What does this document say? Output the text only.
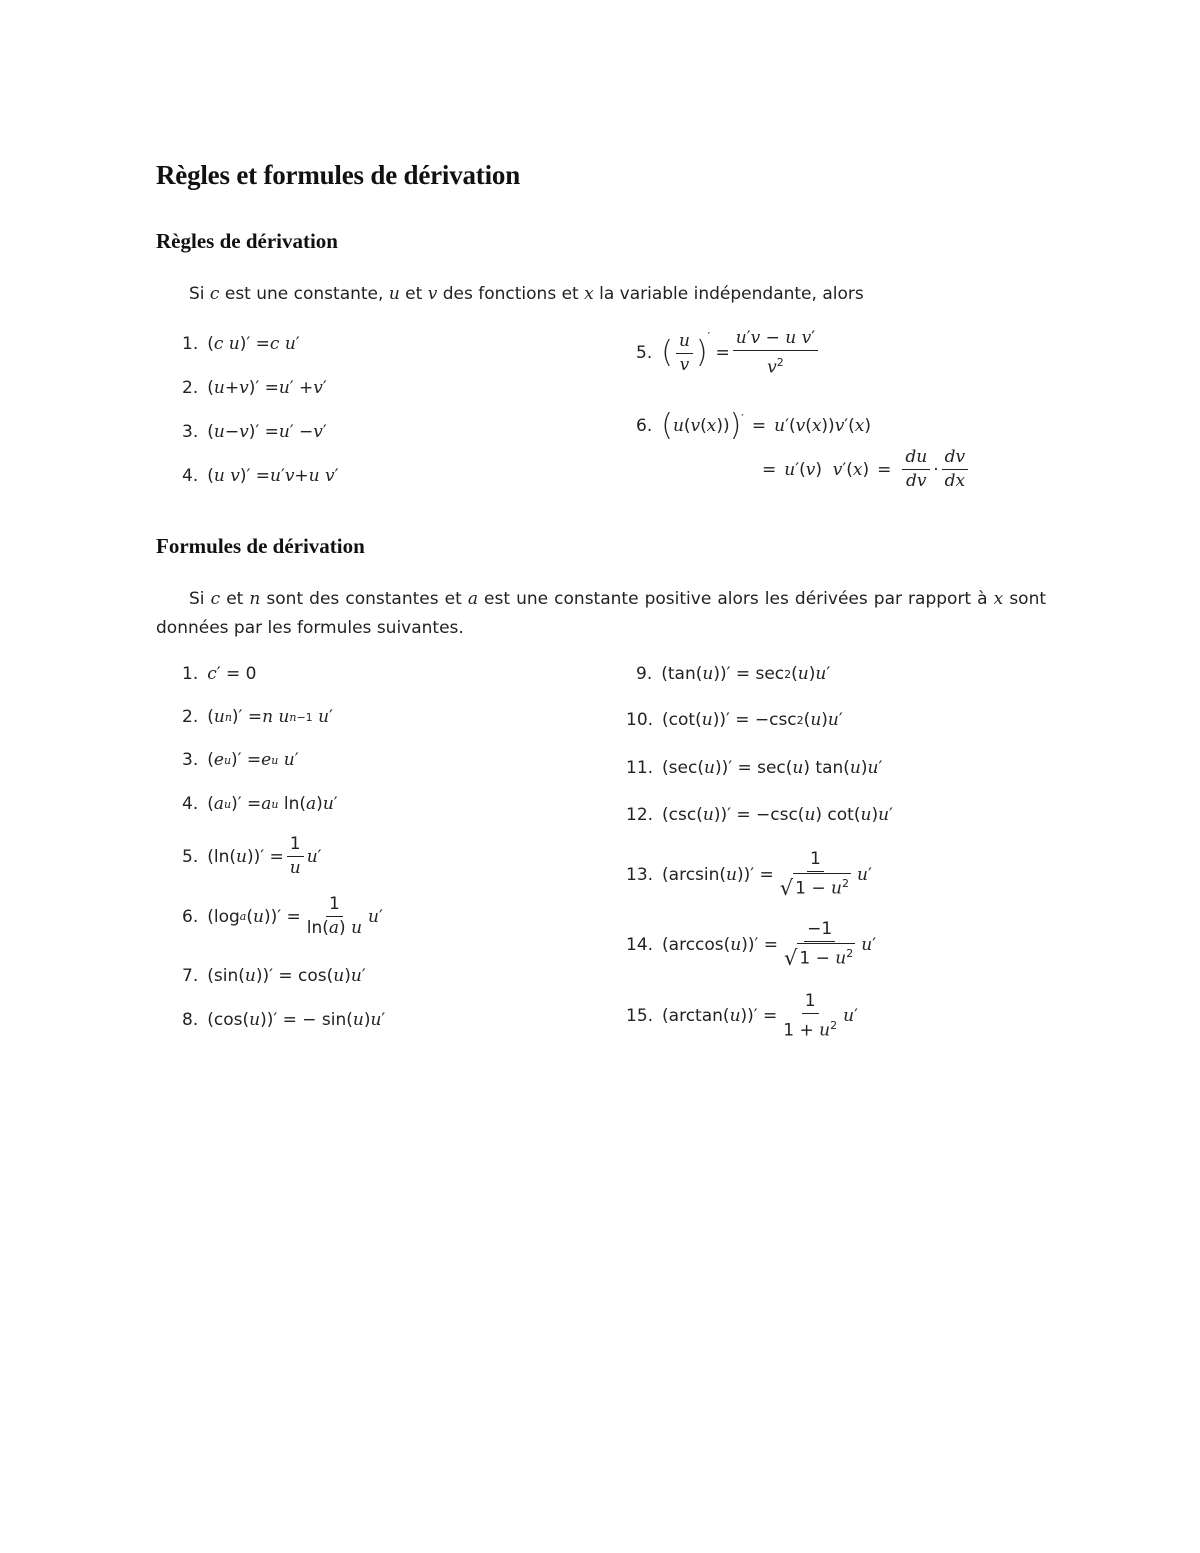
Règles et formules de dérivation
Règles de dérivation
Si c est une constante, u et v des fonctions et x la variable indépendante, alors
1. ( c u )′ = c u ′
2. ( u + v )′ = u ′ + v ′
3. ( u − v )′ = u ′ − v ′
4. ( u v )′ = u ′ v + u v ′
5. ( $\frac{u}{v} )'$
= $\frac{\text{u′v − u v′}}{v^2}$
6. ( u ( v ( x )) )′ = u ′( v ( x )) v ′( x )
= u ′( v ) v ′( x ) = $\frac{du}{dv} \cdot \frac{dv}{dx}$
Formules de dérivation
Si c et n sont des constantes et a est une constante positive alors les dérivées par rapport à x sont données par les formules suivantes.
1. c ′ = 0
2. ( u n )′ = n u n−1
u ′
3. ( e u )′ = e u
u ′
4. ( a u )′ = a u ln( a ) u ′
5. (ln( u ))′ = $\frac{1}{u}$ u ′
6. (log a ( u ))′ = $\frac{1}{\ln(a) u}$ u ′
7. (sin( u ))′ = cos( u ) u ′
8. (cos( u ))′ = − sin( u ) u ′
9. (tan( u ))′ = sec 2 ( u ) u ′
10. (cot( u ))′ = −csc 2 ( u ) u ′
11. (sec( u ))′ = sec( u ) tan( u ) u ′
12. (csc( u ))′ = −csc( u ) cot( u ) u ′
13. (arcsin( u ))′ = $\frac{1}{√ 1 - u^2}$ u ′
14. (arccos( u ))′ = $\frac{-1}{√ 1 - u^2}$ u ′
15. (arctan( u ))′ = $\frac{1}{1 + u^2}$ u ′
